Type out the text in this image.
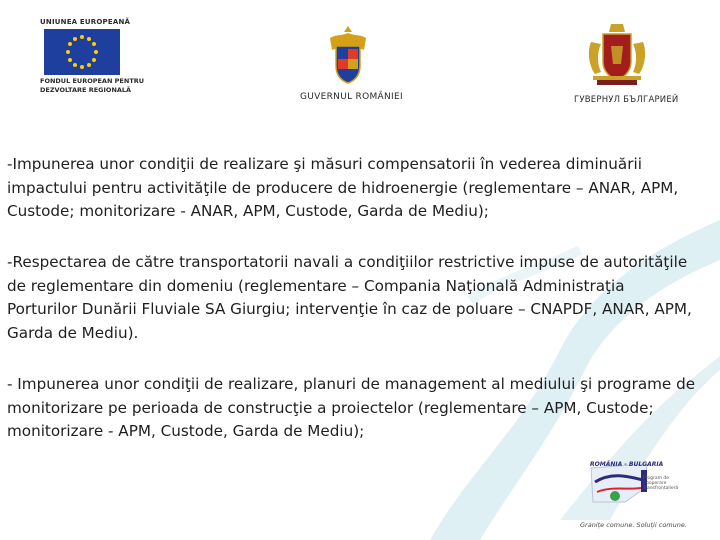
UNIUNEA EUROPEANĂ
FONDUL EUROPEAN PENTRU
DEZVOLTARE REGIONALĂ
GUVERNUL ROMÂNIEI	ГУВЕРНУЛ БЪЛГАРИЕЙ

-Impunerea unor condiţii de realizare şi măsuri compensatorii în vederea diminuării impactului pentru activităţile de producere de hidroenergie (reglementare – ANAR, APM, Custode; monitorizare - ANAR, APM, Custode, Garda de Mediu);

-Respectarea de către transportatorii navali a condiţiilor restrictive impuse de autorităţile de reglementare din domeniu (reglementare – Compania Naţională Administraţia Porturilor Dunării Fluviale SA Giurgiu; intervenţie în caz de poluare – CNAPDF, ANAR, APM, Garda de Mediu).

- Impunerea unor condiţii de realizare, planuri de management al mediului şi programe de monitorizare pe perioada de construcţie a proiectelor (reglementare – APM, Custode; monitorizare - APM, Custode, Garda de Mediu);

ROMÂNIA - BULGARIA
Program de Cooperare Transfrontalieră
Granițe comune. Soluții comune.
